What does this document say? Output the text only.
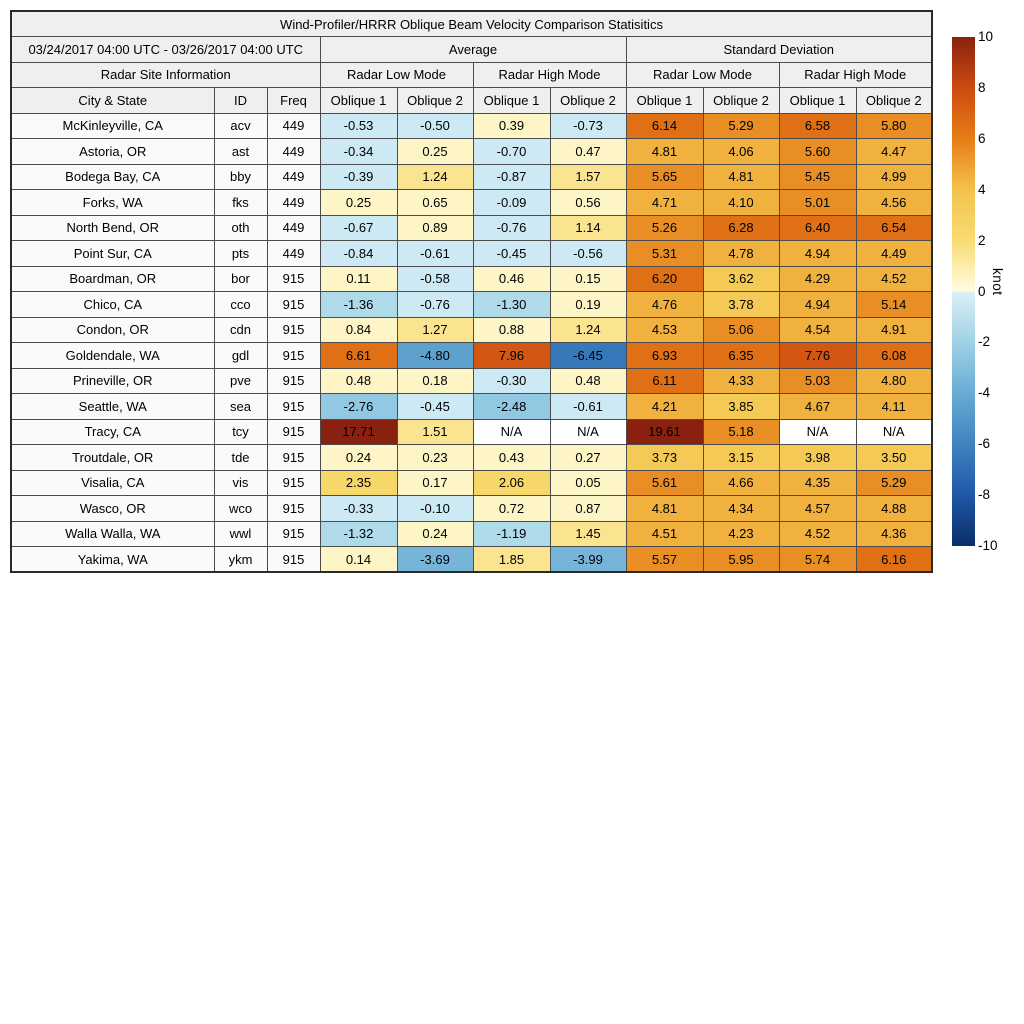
Wind-Profiler/HRRR Oblique Beam Velocity Comparison Statisitics										
03/24/2017 04:00 UTC - 03/26/2017 04:00 UTC			Average				Standard Deviation			
Radar Site Information			Radar Low Mode		Radar High Mode		Radar Low Mode		Radar High Mode	
City & State	ID	Freq	Oblique 1	Oblique 2	Oblique 1	Oblique 2	Oblique 1	Oblique 2	Oblique 1	Oblique 2
McKinleyville, CA	acv	449	-0.53	-0.50	0.39	-0.73	6.14	5.29	6.58	5.80
Astoria, OR	ast	449	-0.34	0.25	-0.70	0.47	4.81	4.06	5.60	4.47
Bodega Bay, CA	bby	449	-0.39	1.24	-0.87	1.57	5.65	4.81	5.45	4.99
Forks, WA	fks	449	0.25	0.65	-0.09	0.56	4.71	4.10	5.01	4.56
North Bend, OR	oth	449	-0.67	0.89	-0.76	1.14	5.26	6.28	6.40	6.54
Point Sur, CA	pts	449	-0.84	-0.61	-0.45	-0.56	5.31	4.78	4.94	4.49
Boardman, OR	bor	915	0.11	-0.58	0.46	0.15	6.20	3.62	4.29	4.52
Chico, CA	cco	915	-1.36	-0.76	-1.30	0.19	4.76	3.78	4.94	5.14
Condon, OR	cdn	915	0.84	1.27	0.88	1.24	4.53	5.06	4.54	4.91
Goldendale, WA	gdl	915	6.61	-4.80	7.96	-6.45	6.93	6.35	7.76	6.08
Prineville, OR	pve	915	0.48	0.18	-0.30	0.48	6.11	4.33	5.03	4.80
Seattle, WA	sea	915	-2.76	-0.45	-2.48	-0.61	4.21	3.85	4.67	4.11
Tracy, CA	tcy	915	17.71	1.51	N/A	N/A	19.61	5.18	N/A	N/A
Troutdale, OR	tde	915	0.24	0.23	0.43	0.27	3.73	3.15	3.98	3.50
Visalia, CA	vis	915	2.35	0.17	2.06	0.05	5.61	4.66	4.35	5.29
Wasco, OR	wco	915	-0.33	-0.10	0.72	0.87	4.81	4.34	4.57	4.88
Walla Walla, WA	wwl	915	-1.32	0.24	-1.19	1.45	4.51	4.23	4.52	4.36
Yakima, WA	ykm	915	0.14	-3.69	1.85	-3.99	5.57	5.95	5.74	6.16
10
8
6
4
2
0
-2
-4
-6
-8
-10
knot
